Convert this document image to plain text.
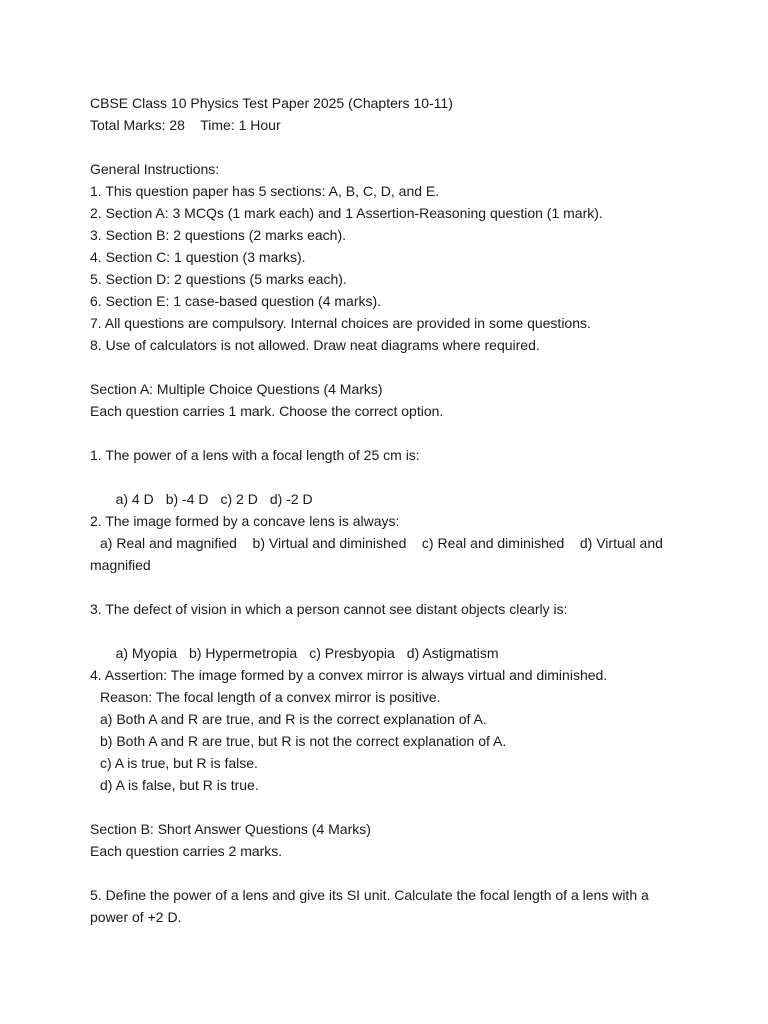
CBSE Class 10 Physics Test Paper 2025 (Chapters 10-11)
Total Marks: 28    Time: 1 Hour
General Instructions:
1. This question paper has 5 sections: A, B, C, D, and E.
2. Section A: 3 MCQs (1 mark each) and 1 Assertion-Reasoning question (1 mark).
3. Section B: 2 questions (2 marks each).
4. Section C: 1 question (3 marks).
5. Section D: 2 questions (5 marks each).
6. Section E: 1 case-based question (4 marks).
7. All questions are compulsory. Internal choices are provided in some questions.
8. Use of calculators is not allowed. Draw neat diagrams where required.
Section A: Multiple Choice Questions (4 Marks)
Each question carries 1 mark. Choose the correct option.
1. The power of a lens with a focal length of 25 cm is:

a) 4 D b) -4 D c) 2 D d) -2 D

2. The image formed by a concave lens is always:
a) Real and magnified    b) Virtual and diminished    c) Real and diminished    d) Virtual and magnified
3. The defect of vision in which a person cannot see distant objects clearly is:

a) Myopia b) Hypermetropia c) Presbyopia d) Astigmatism

4. Assertion: The image formed by a convex mirror is always virtual and diminished.
Reason: The focal length of a convex mirror is positive.
a) Both A and R are true, and R is the correct explanation of A.
b) Both A and R are true, but R is not the correct explanation of A.
c) A is true, but R is false.
d) A is false, but R is true.
Section B: Short Answer Questions (4 Marks)
Each question carries 2 marks.
5. Define the power of a lens and give its SI unit. Calculate the focal length of a lens with a power of +2 D.
